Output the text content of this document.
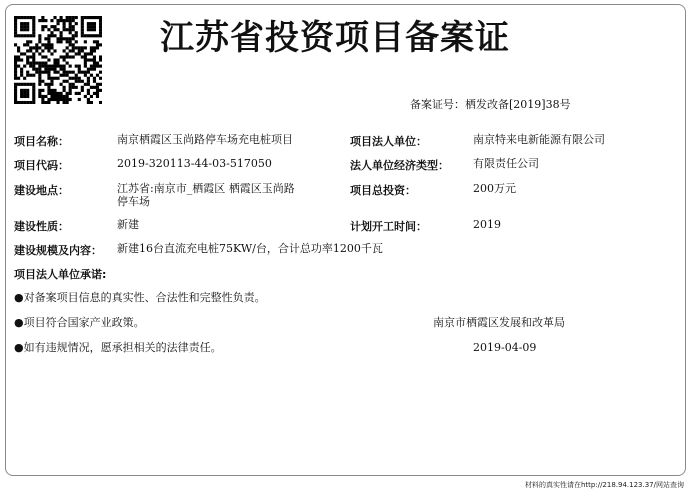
江苏省投资项目备案证
备案证号：栖发改备[2019]38号
项目名称：	南京栖霞区玉尚路停车场充电桩项目	项目法人单位：	南京特来电新能源有限公司
项目代码：	2019-320113-44-03-517050	法人单位经济类型： 有限责任公司
建设地点：	江苏省:南京市_栖霞区 栖霞区玉尚路
停车场
项目总投资：	200万元
建设性质：	新建	计划开工时间：	2019
建设规模及内容： 新建16台直流充电桩75KW/台，合计总功率1200千瓦
项目法人单位承诺:
●对备案项目信息的真实性、合法性和完整性负责。
●项目符合国家产业政策。
●如有违规情况，愿承担相关的法律责任。
南京市栖霞区发展和改革局
2019-04-09
材料的真实性请在http://218.94.123.37/网站查询
